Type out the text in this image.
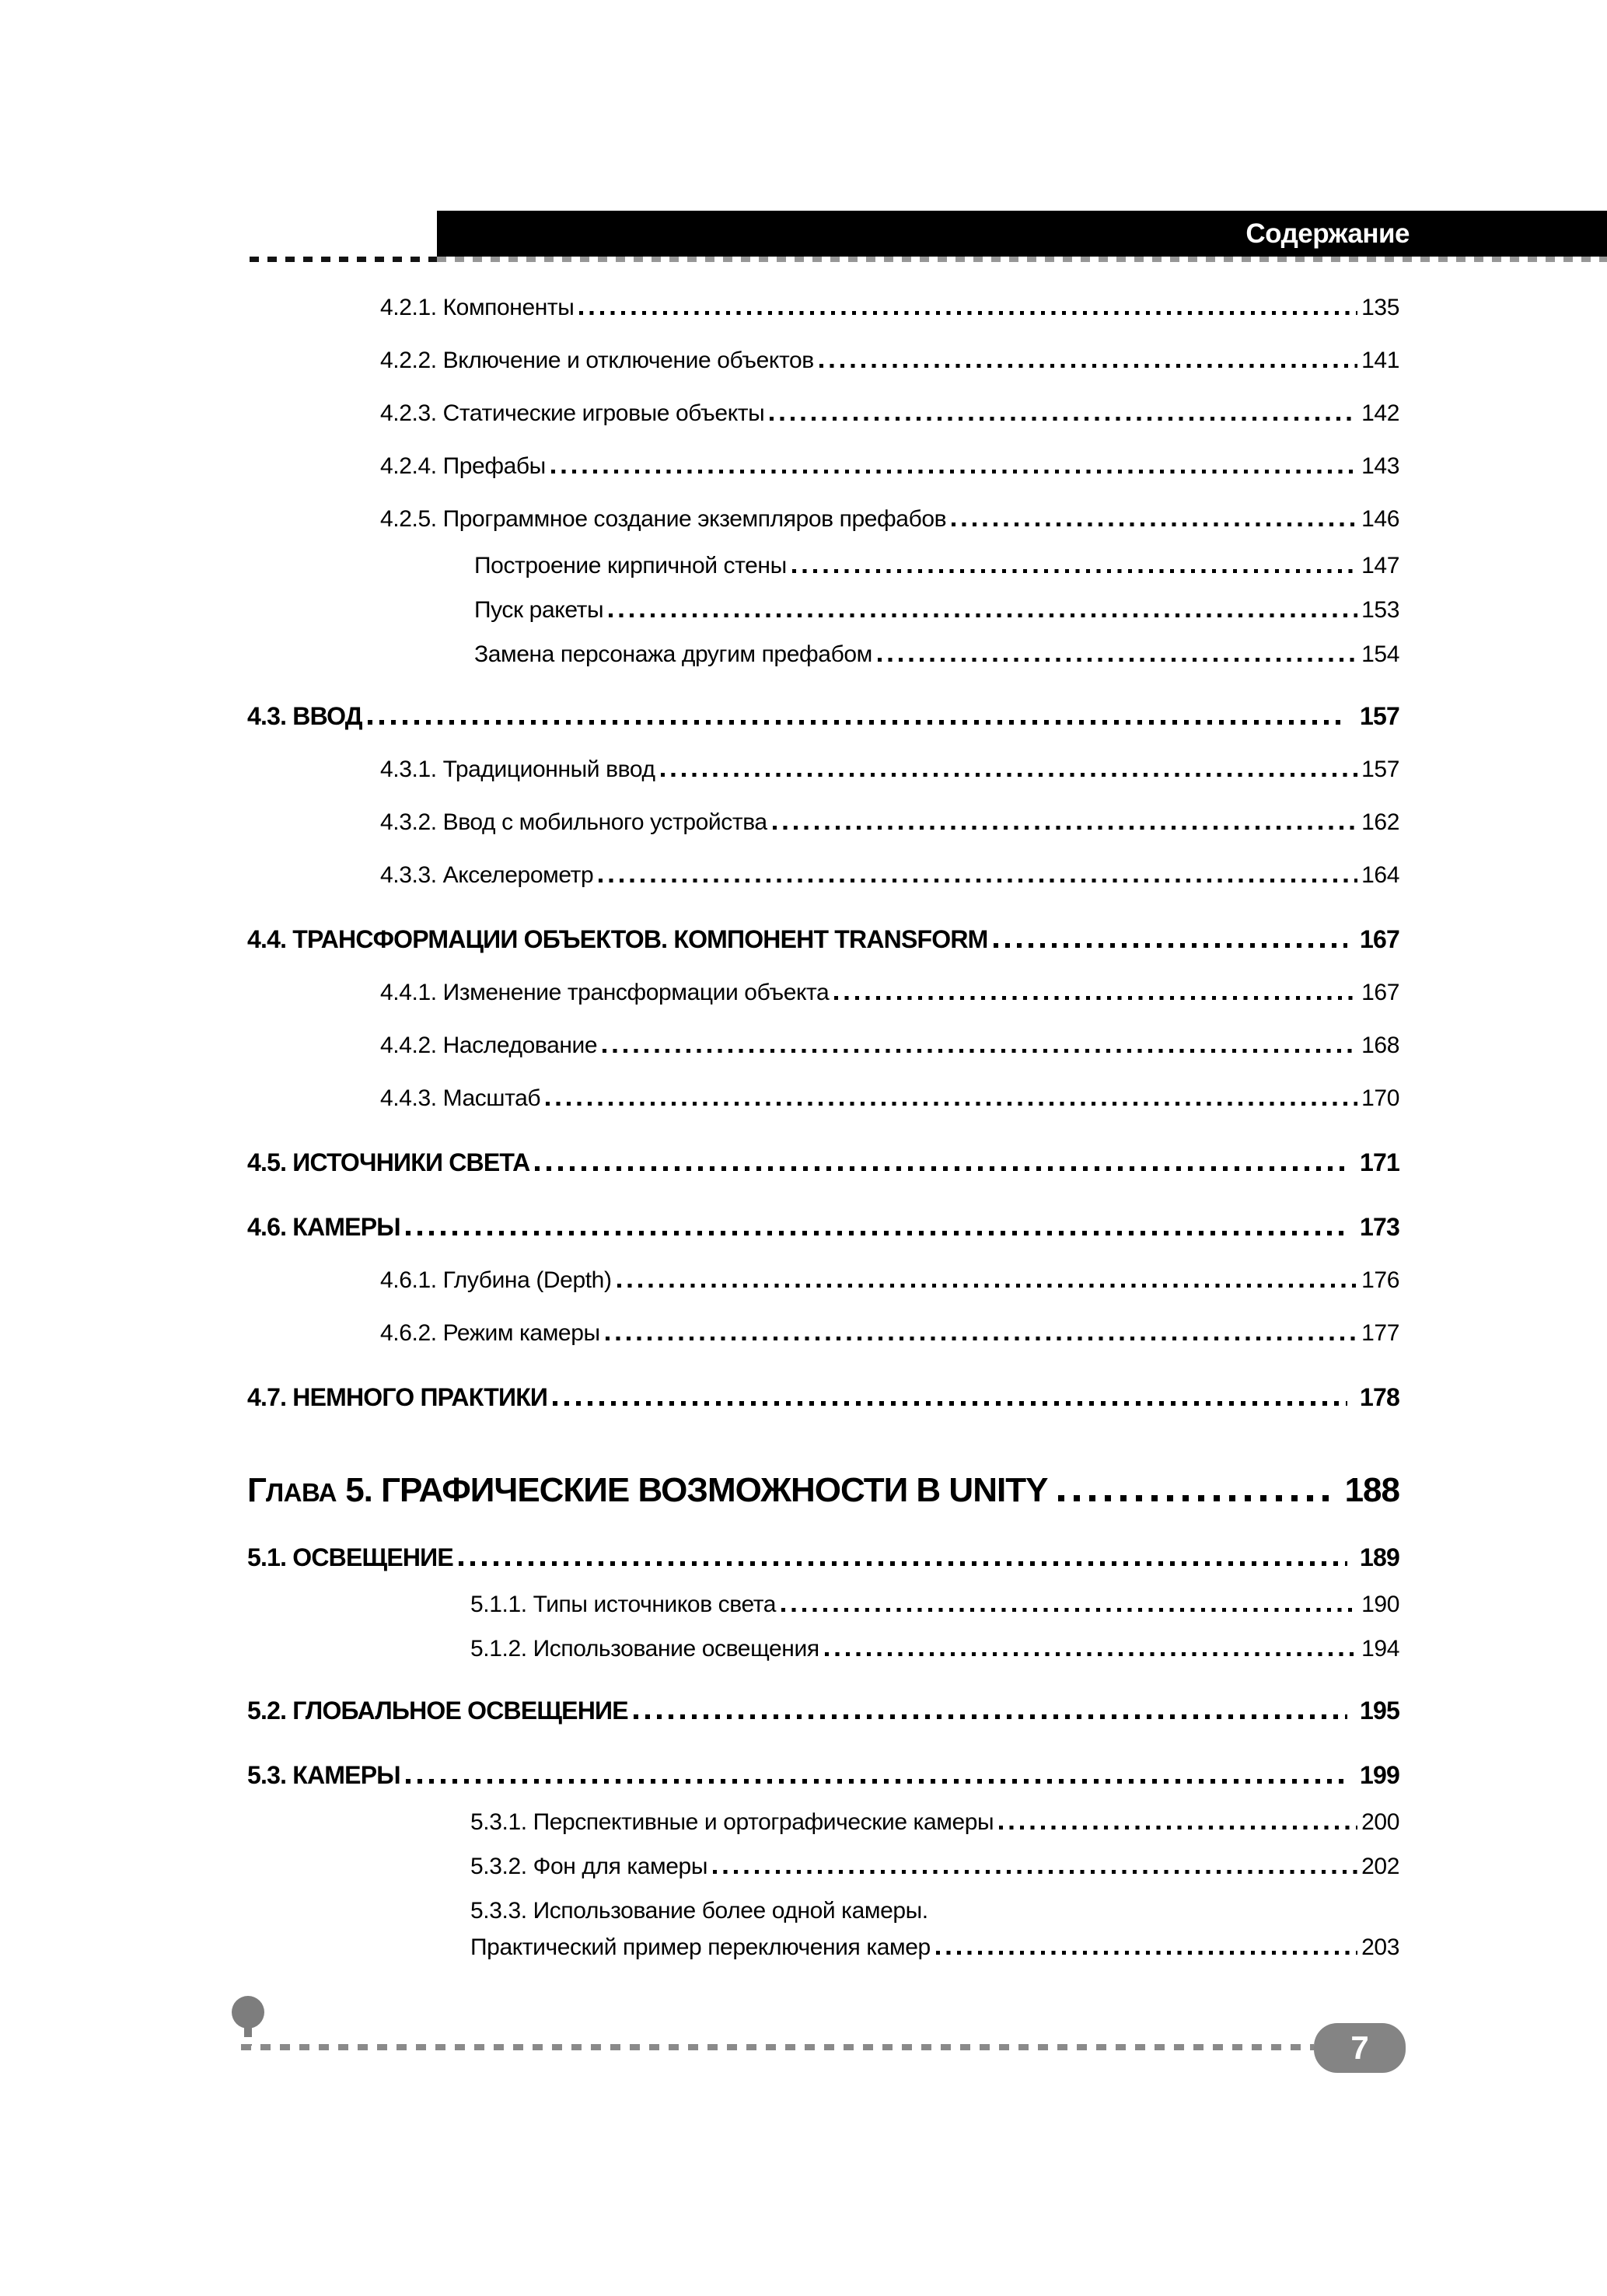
Содержание
4.2.1. Компоненты	135
4.2.2. Включение и отключение объектов	141
4.2.3. Статические игровые объекты	142
4.2.4. Префабы	143
4.2.5. Программное создание экземпляров префабов	146
Построение кирпичной стены	147
Пуск ракеты	153
Замена персонажа другим префабом	154
4.3. ВВОД	157
4.3.1. Традиционный ввод	157
4.3.2. Ввод с мобильного устройства	162
4.3.3. Акселерометр	164
4.4. ТРАНСФОРМАЦИИ ОБЪЕКТОВ. КОМПОНЕНТ TRANSFORM	167
4.4.1. Изменение трансформации объекта	167
4.4.2. Наследование	168
4.4.3. Масштаб	170
4.5. ИСТОЧНИКИ СВЕТА	171
4.6. КАМЕРЫ	173
4.6.1. Глубина (Depth)	176
4.6.2. Режим камеры	177
4.7. НЕМНОГО ПРАКТИКИ	178
ГЛАВА 5. ГРАФИЧЕСКИЕ ВОЗМОЖНОСТИ В UNITY	188
5.1. ОСВЕЩЕНИЕ	189
5.1.1. Типы источников света	190
5.1.2. Использование освещения	194
5.2. ГЛОБАЛЬНОЕ ОСВЕЩЕНИЕ	195
5.3. КАМЕРЫ	199
5.3.1. Перспективные и ортографические камеры	200
5.3.2. Фон для камеры	202
5.3.3. Использование более одной камеры.
Практический пример переключения камер	203
7
